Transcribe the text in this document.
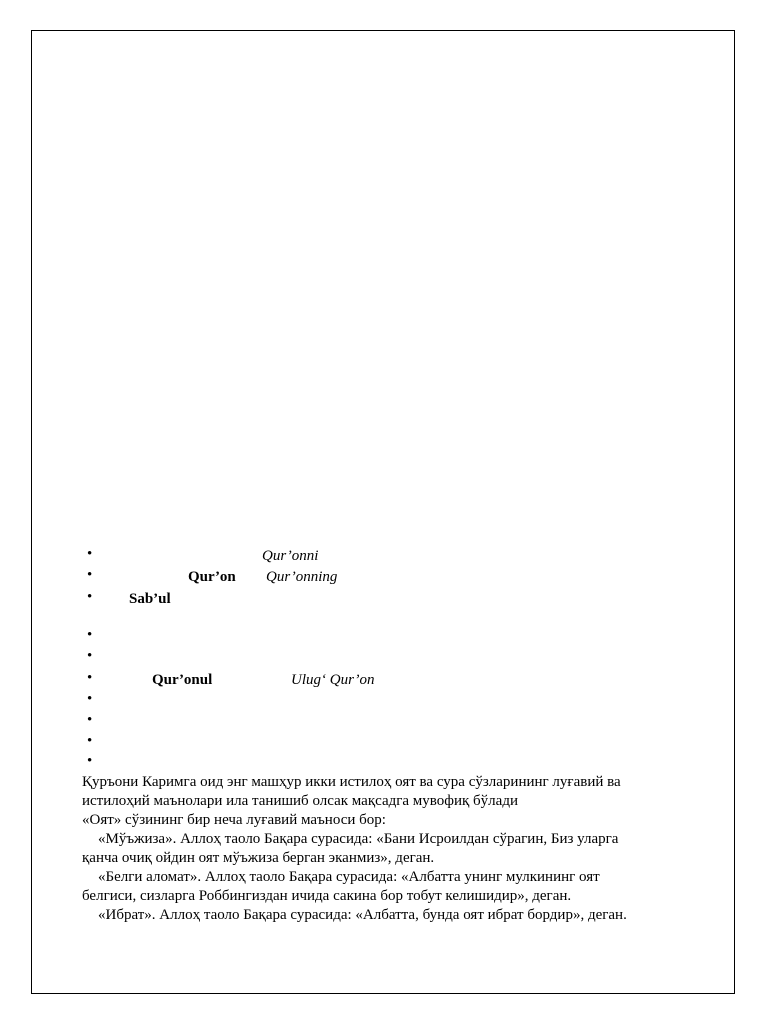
•	Qur’onni
•	Qur’on Qur’onning
• Sab’ul
•
•
•	Qur’onul	Ulug‘ Qur’on
•
•
•
•

Қуръони Каримга оид энг машҳур икки истилоҳ оят ва сура сўзларининг луғавий ва

истилоҳий маънолари ила танишиб олсак мақсадга мувофиқ бўлади

«Оят» сўзининг бир неча луғавий маъноси бор:

«Мўъжиза». Аллоҳ таоло Бақара сурасида: «Бани Исроилдан сўрагин, Биз уларга

қанча очиқ ойдин оят мўъжиза берган эканмиз», деган.

«Белги аломат». Аллоҳ таоло Бақара сурасида: «Албатта унинг мулкининг оят

белгиси, сизларга Роббингиздан ичида сакина бор тобут келишидир», деган.

«Ибрат». Аллоҳ таоло Бақара сурасида: «Албатта, бунда оят ибрат бордир», деган.
